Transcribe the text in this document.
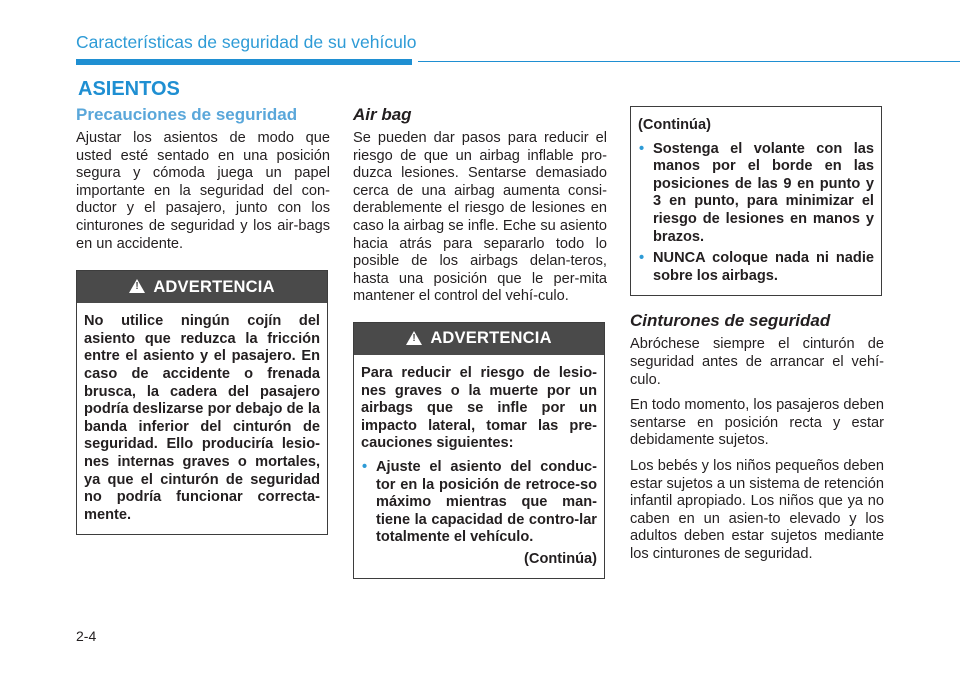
Características de seguridad de su vehículo
ASIENTOS
Precauciones de seguridad

Ajustar los asientos de modo que usted esté sentado en una posición segura y cómoda juega un papel importante en la seguridad del con-ductor y el pasajero, junto con los cinturones de seguridad y los air-bags en un accidente.

!
ADVERTENCIA
No utilice ningún cojín del asiento que reduzca la fricción entre el asiento y el pasajero. En caso de accidente o frenada brusca, la cadera del pasajero podría deslizarse por debajo de la banda inferior del cinturón de seguridad. Ello produciría lesio-nes internas graves o mortales, ya que el cinturón de seguridad no podría funcionar correcta-mente.
Air bag

Se pueden dar pasos para reducir el riesgo de que un airbag inflable pro-duzca lesiones. Sentarse demasiado cerca de una airbag aumenta consi-derablemente el riesgo de lesiones en caso la airbag se infle. Eche su asiento hacia atrás para separarlo todo lo posible de los airbags delan-teros, hasta una posición que le per-mita mantener el control del vehí-culo.

!
ADVERTENCIA
Para reducir el riesgo de lesio-nes graves o la muerte por un airbags que se infle por un impacto lateral, tomar las pre-cauciones siguientes:
• Ajuste el asiento del conduc-tor en la posición de retroce-so máximo mientras que man-tiene la capacidad de contro-lar totalmente el vehículo.
(Continúa)
(Continúa)
• Sostenga el volante con las manos por el borde en las posiciones de las 9 en punto y 3 en punto, para minimizar el riesgo de lesiones en manos y brazos.
• NUNCA coloque nada ni nadie sobre los airbags.
Cinturones de seguridad

Abróchese siempre el cinturón de seguridad antes de arrancar el vehí-culo.

En todo momento, los pasajeros deben sentarse en posición recta y estar debidamente sujetos.

Los bebés y los niños pequeños deben estar sujetos a un sistema de retención infantil apropiado. Los niños que ya no caben en un asien-to elevado y los adultos deben estar sujetos mediante los cinturones de seguridad.

2-4
